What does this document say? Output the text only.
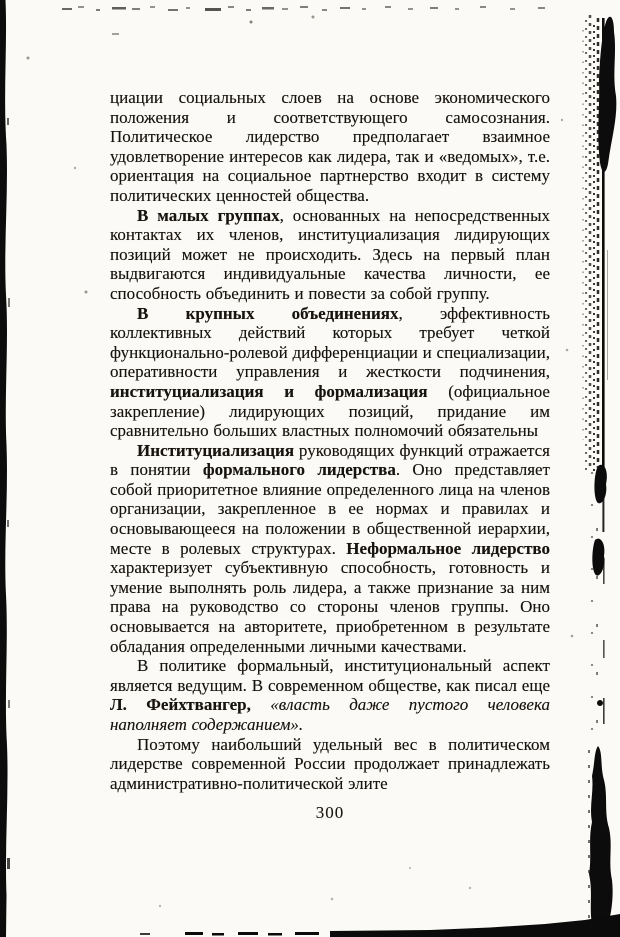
циации социальных слоев на основе экономического положения и соответствующего самосознания. Политическое лидерство предполагает взаимное удовлетворение интересов как лидера, так и «ведомых», т.е. ориентация на социальное партнерство входит в систему политических ценностей общества.

В малых группах, основанных на непосредственных контактах их членов, институциализация лидирующих позиций может не происходить. Здесь на первый план выдвигаются индивидуальные качества личности, ее способность объединить и повести за собой группу.

В крупных объединениях, эффективность коллективных действий которых требует четкой функционально-ролевой дифференциации и специализации, оперативности управления и жесткости подчинения, институциализация и формализация (официальное закрепление) лидирующих позиций, придание им сравнительно больших властных полномочий обязательны

Институциализация руководящих функций отражается в понятии формального лидерства. Оно представляет собой приоритетное влияние определенного лица на членов организации, закрепленное в ее нормах и правилах и основывающееся на положении в общественной иерархии, месте в ролевых структурах. Неформальное лидерство характеризует субъективную способность, готовность и умение выполнять роль лидера, а также признание за ним права на руководство со стороны членов группы. Оно основывается на авторитете, приобретенном в результате обладания определенными личными качествами.

В политике формальный, институциональный аспект является ведущим. В современном обществе, как писал еще Л. Фейхтвангер, «власть даже пустого человека наполняет содержанием».

Поэтому наибольший удельный вес в политическом лидерстве современной России продолжает принадлежать административно-политической элите

300
